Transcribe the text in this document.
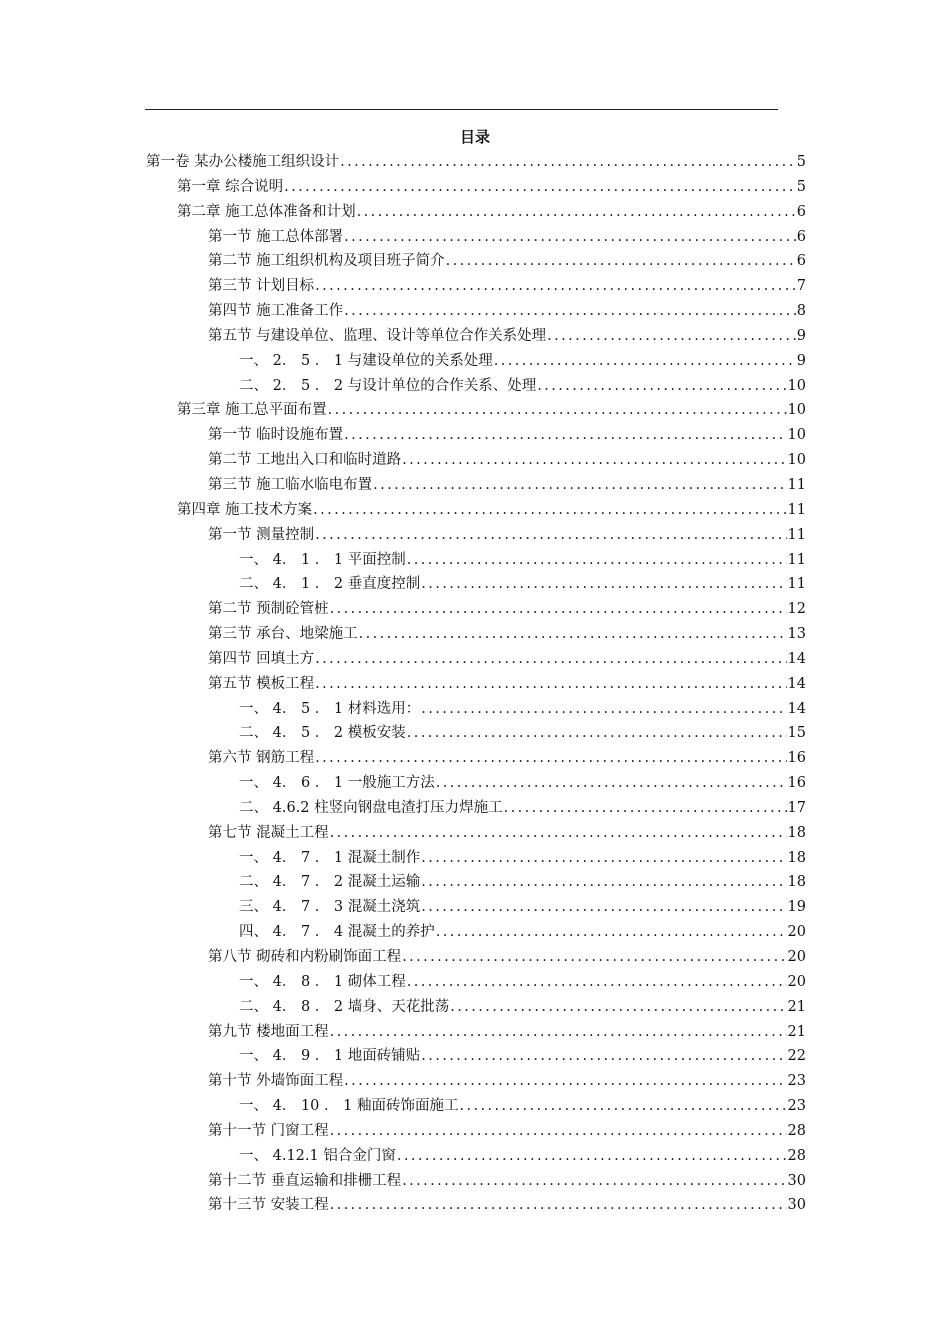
目录
第一卷 某办公楼施工组织设计 .....	5
第一章 综合说明 .....	5
第二章 施工总体准备和计划 .....	6
第一节 施工总体部署 .....	6
第二节 施工组织机构及项目班子简介 .....	6
第三节 计划目标 .....	7
第四节 施工准备工作 .....	8
第五节 与建设单位、监理、设计等单位合作关系处理 .....	9
一、 2． 5 ． 1 与建设单位的关系处理 .....	9
二、 2． 5 ． 2 与设计单位的合作关系、处理 .....	10
第三章 施工总平面布置 .....	10
第一节 临时设施布置 .....	10
第二节 工地出入口和临时道路 .....	10
第三节 施工临水临电布置 .....	11
第四章 施工技术方案 .....	11
第一节 测量控制 .....	11
一、 4． 1 ． 1 平面控制 .....	11
二、 4． 1 ． 2 垂直度控制 .....	11
第二节 预制砼管桩 .....	12
第三节 承台、地梁施工 .....	13
第四节 回填土方 .....	14
第五节 模板工程 .....	14
一、 4． 5 ． 1 材料选用： .....	14
二、 4． 5 ． 2 模板安装 .....	15
第六节 钢筋工程 .....	16
一、 4． 6 ． 1 一般施工方法 .....	16
二、 4.6.2 柱竖向钢盘电渣打压力焊施工 .....	17
第七节 混凝土工程 .....	18
一、 4． 7 ． 1 混凝土制作 .....	18
二、 4． 7 ． 2 混凝土运输 .....	18
三、 4． 7 ． 3 混凝土浇筑 .....	19
四、 4． 7 ． 4 混凝土的养护 .....	20
第八节 砌砖和内粉刷饰面工程 .....	20
一、 4． 8 ． 1 砌体工程 .....	20
二、 4． 8 ． 2 墙身、天花批荡 .....	21
第九节 楼地面工程 .....	21
一、 4． 9 ． 1 地面砖铺贴 .....	22
第十节 外墙饰面工程 .....	23
一、 4． 10 ． 1 釉面砖饰面施工 .....	23
第十一节 门窗工程 .....	28
一、 4.12.1 铝合金门窗 .....	28
第十二节 垂直运输和排栅工程 .....	30
第十三节 安装工程 .....	30
